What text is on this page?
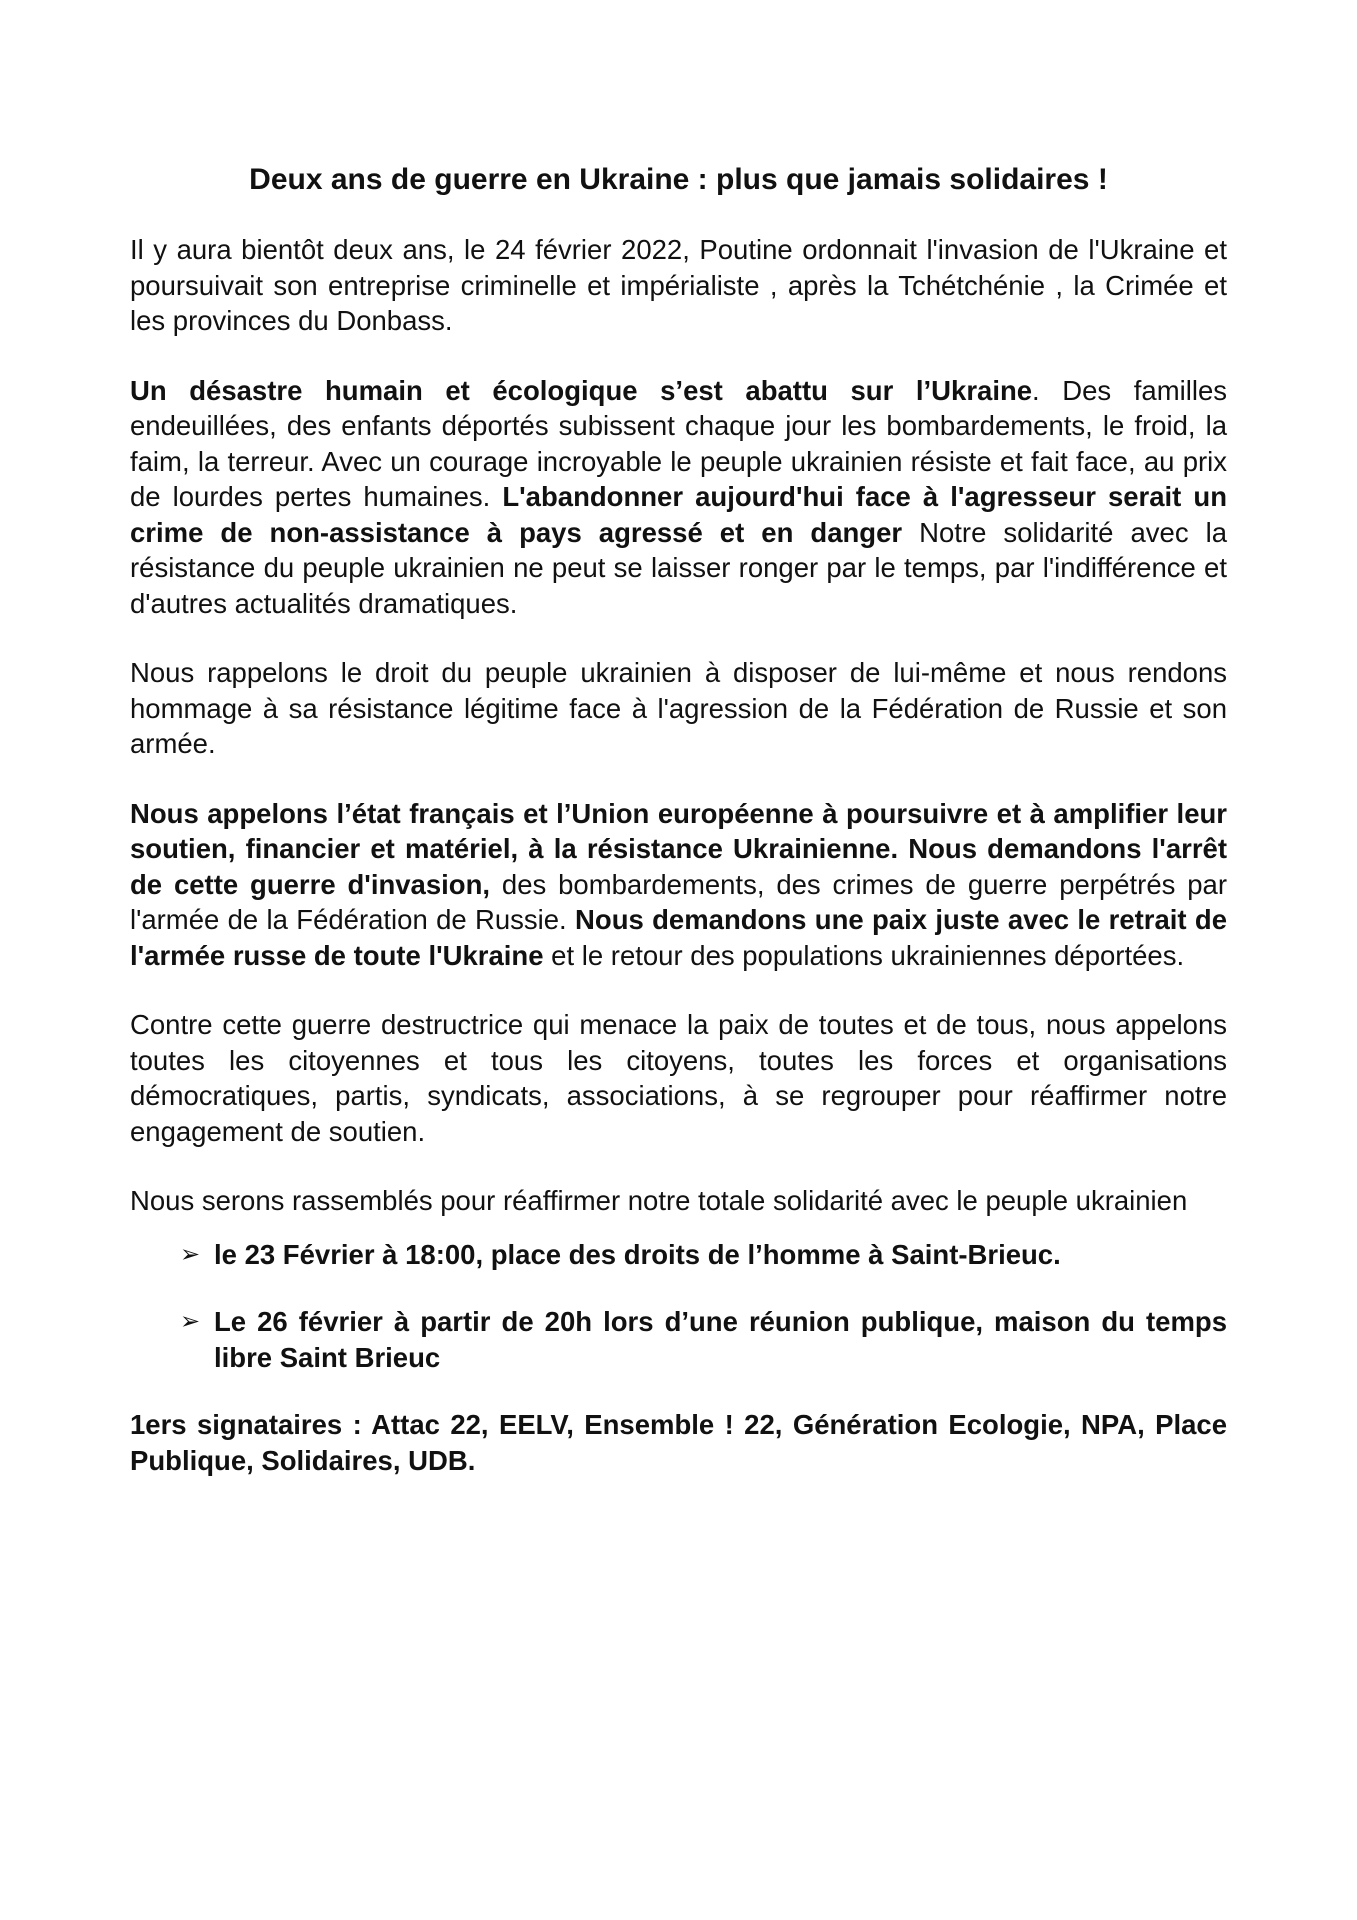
Deux ans de guerre en Ukraine : plus que jamais solidaires !

Il y aura bientôt deux ans, le 24 février 2022, Poutine ordonnait l'invasion de l'Ukraine et poursuivait son entreprise criminelle et impérialiste , après la Tchétchénie , la Crimée et les provinces du Donbass.

Un désastre humain et écologique s’est abattu sur l’Ukraine. Des familles endeuillées, des enfants déportés subissent chaque jour les bombardements, le froid, la faim, la terreur. Avec un courage incroyable le peuple ukrainien résiste et fait face, au prix de lourdes pertes humaines. L'abandonner aujourd'hui face à l'agresseur serait un crime de non-assistance à pays agressé et en danger Notre solidarité avec la résistance du peuple ukrainien ne peut se laisser ronger par le temps, par l'indifférence et d'autres actualités dramatiques.

Nous rappelons le droit du peuple ukrainien à disposer de lui-même et nous rendons hommage à sa résistance légitime face à l'agression de la Fédération de Russie et son armée.

Nous appelons l’état français et l’Union européenne à poursuivre et à amplifier leur soutien, financier et matériel, à la résistance Ukrainienne. Nous demandons l'arrêt de cette guerre d'invasion, des bombardements, des crimes de guerre perpétrés par l'armée de la Fédération de Russie. Nous demandons une paix juste avec le retrait de l'armée russe de toute l'Ukraine et le retour des populations ukrainiennes déportées.

Contre cette guerre destructrice qui menace la paix de toutes et de tous, nous appelons toutes les citoyennes et tous les citoyens, toutes les forces et organisations démocratiques, partis, syndicats, associations, à se regrouper pour réaffirmer notre engagement de soutien.

Nous serons rassemblés pour réaffirmer notre totale solidarité avec le peuple ukrainien

➢ le 23 Février à 18:00, place des droits de l’homme à Saint-Brieuc.
➢ Le 26 février à partir de 20h lors d’une réunion publique, maison du temps libre Saint Brieuc

1ers signataires : Attac 22, EELV, Ensemble ! 22, Génération Ecologie, NPA, Place Publique, Solidaires, UDB.
